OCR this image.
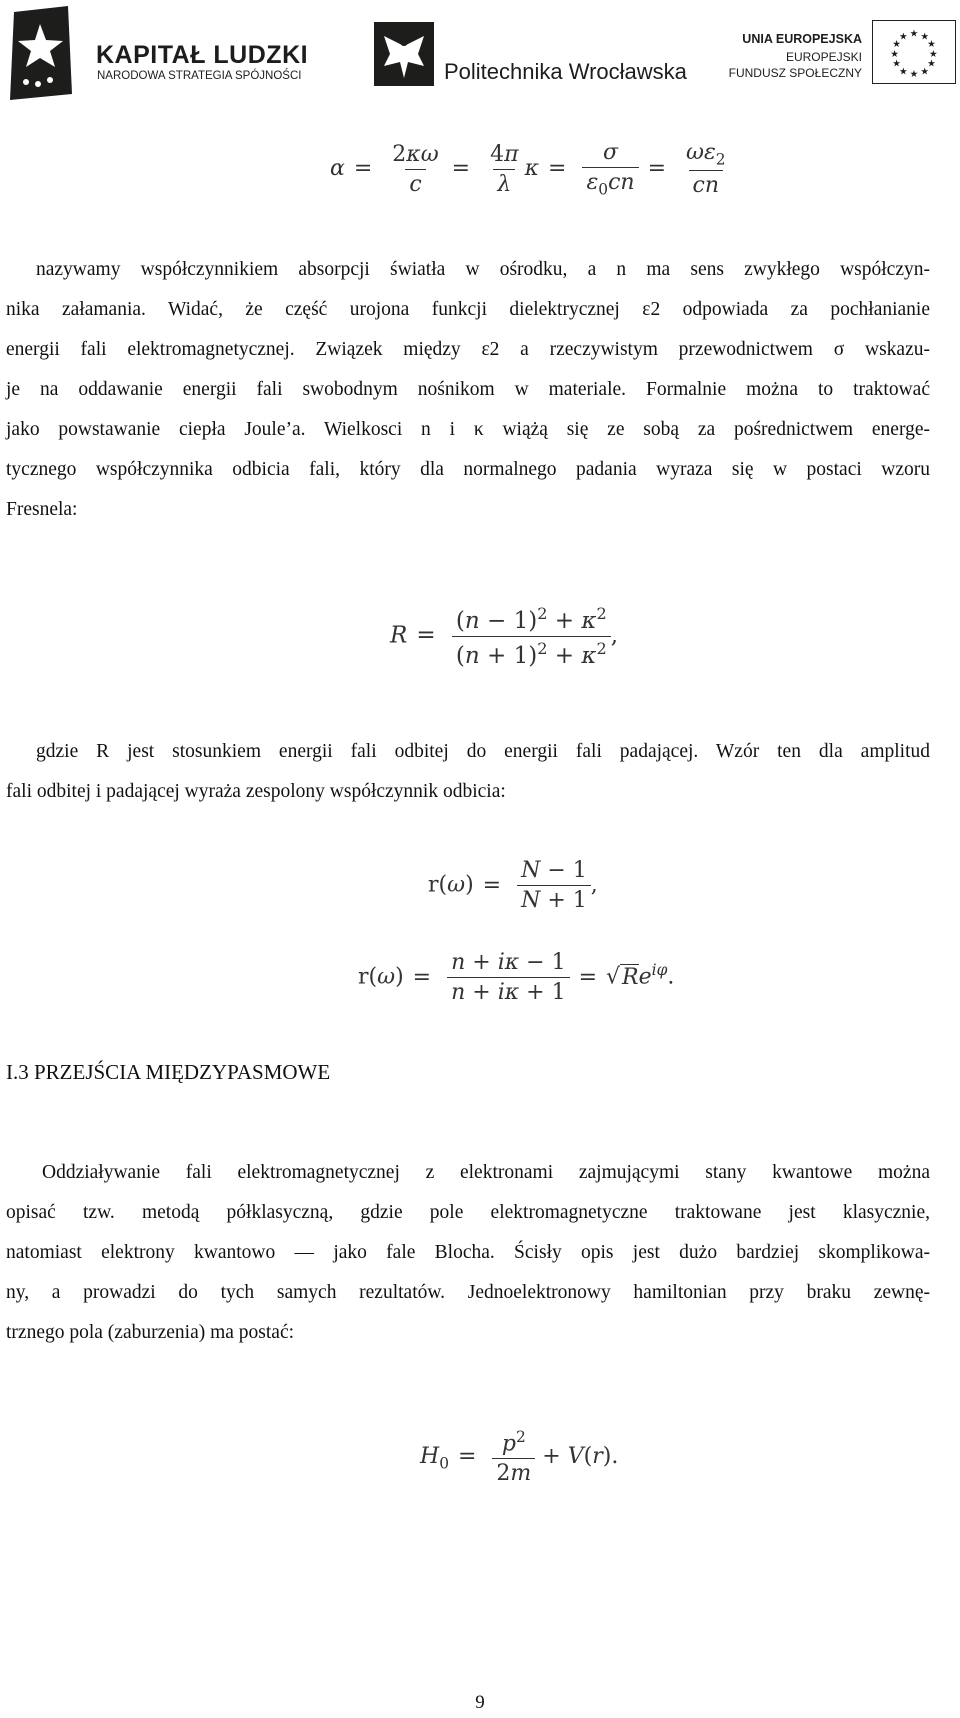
KAPITAŁ LUDZKI
NARODOWA STRATEGIA SPÓJNOŚCI	Politechnika Wrocławska
UNIA EUROPEJSKA
EUROPEJSKI
FUNDUSZ SPOŁECZNY
★ ★
★
★
★
★
★
★
★
★
★
★
$\alpha = \frac{2\kappa\omega}{c} = \frac{4\pi}{\lambda}$ $\kappa = \frac{\sigma}{\varepsilon_0cn} = \frac{\omega\varepsilon_2}{cn}$
nazywamy współczynnikiem absorpcji światła w ośrodku, a n ma sens zwykłego współczyn-
nika załamania. Widać, że część urojona funkcji dielektrycznej ε2 odpowiada za pochłanianie
energii fali elektromagnetycznej. Związek między ε2 a rzeczywistym przewodnictwem σ wskazu-
je na oddawanie energii fali swobodnym nośnikom w materiale. Formalnie można to traktować
jako powstawanie ciepła Joule’a. Wielkosci n i κ wiążą się ze sobą za pośrednictwem energe-
tycznego współczynnika odbicia fali, który dla normalnego padania wyraza się w postaci wzoru
Fresnela:
$R = \frac{(n - 1)^2 + \kappa^2}{(n + 1)^2 + \kappa^2}$ ,
gdzie R jest stosunkiem energii fali odbitej do energii fali padającej. Wzór ten dla amplitud
fali odbitej i padającej wyraża zespolony współczynnik odbicia:
$r(\omega) = \frac{N - 1}{N + 1}$ ,
$r(\omega) = \frac{n + i\kappa - 1}{n + i\kappa + 1} = √Re^{i\varphi}$.
I.3 PRZEJŚCIA MIĘDZYPASMOWE
Oddziaływanie fali elektromagnetycznej z elektronami zajmującymi stany kwantowe można
opisać tzw. metodą półklasyczną, gdzie pole elektromagnetyczne traktowane jest klasycznie,
natomiast elektrony kwantowo — jako fale Blocha. Ścisły opis jest dużo bardziej skomplikowa-
ny, a prowadzi do tych samych rezultatów. Jednoelektronowy hamiltonian przy braku zewnę-
trznego pola (zaburzenia) ma postać:
$H_0 = \frac{p^2}{2m} + V(r)$.
9
